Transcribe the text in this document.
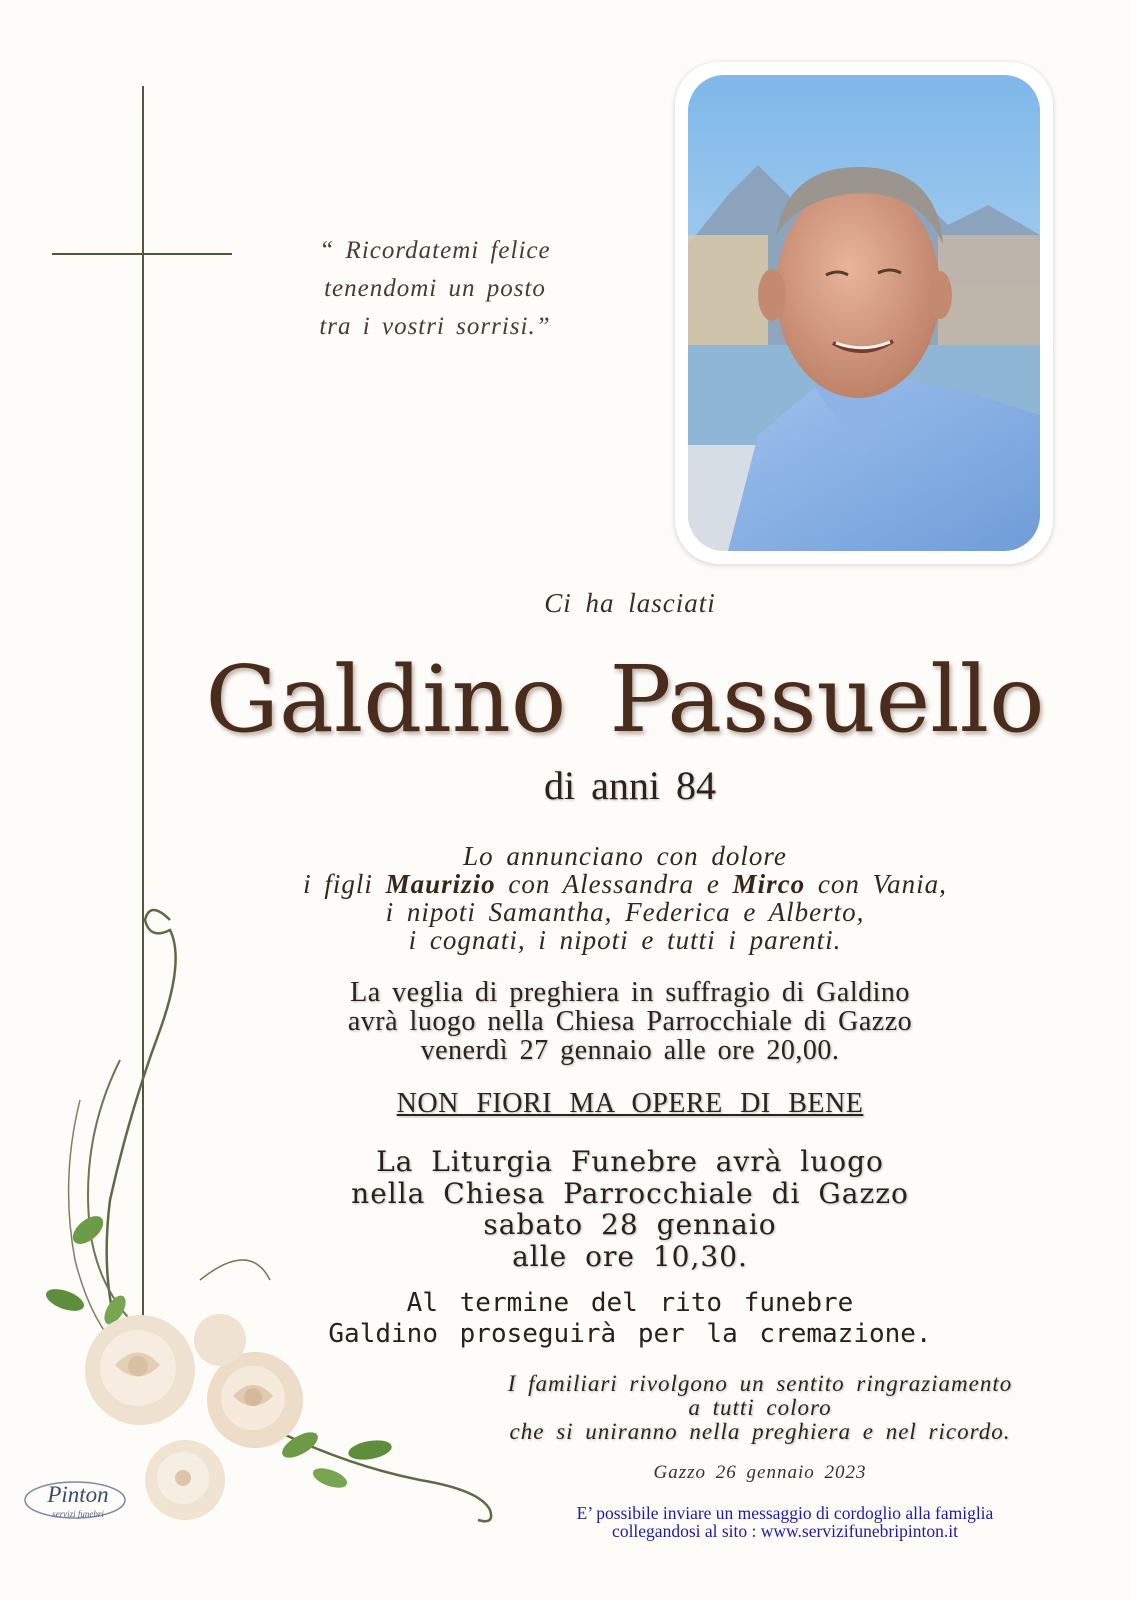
“ Ricordatemi felice
tenendomi un posto
tra i vostri sorrisi.”
Ci ha lasciati
Galdino Passuello
di anni 84
Lo annunciano con dolore
i figli Maurizio con Alessandra e Mirco con Vania,
i nipoti Samantha, Federica e Alberto,
i cognati, i nipoti e tutti i parenti.
La veglia di preghiera in suffragio di Galdino
avrà luogo nella Chiesa Parrocchiale di Gazzo
venerdì 27 gennaio alle ore 20,00.
NON FIORI MA OPERE DI BENE
La Liturgia Funebre avrà luogo
nella Chiesa Parrocchiale di Gazzo
sabato 28 gennaio
alle ore 10,30.
Al termine del rito funebre
Galdino proseguirà per la cremazione.
I familiari rivolgono un sentito ringraziamento
a tutti coloro
che si uniranno nella preghiera e nel ricordo.
Gazzo 26 gennaio 2023
E’ possibile inviare un messaggio di cordoglio alla famiglia
collegandosi al sito : www.servizifunebripinton.it
Pinton
servizi funebri
